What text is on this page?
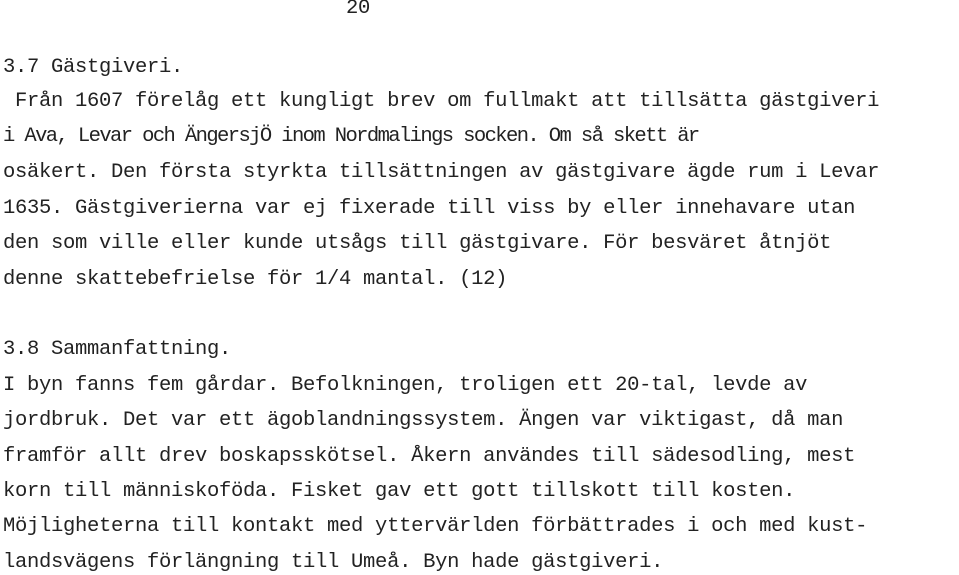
20
3.7 Gästgiveri.
Från 1607 förelåg ett kungligt brev om fullmakt att tillsätta gästgiveri
i Ava, Levar och ÄngersjÖ inom Nordmalings socken. Om så skett är
osäkert. Den första styrkta tillsättningen av gästgivare ägde rum i Levar
1635. Gästgiverierna var ej fixerade till viss by eller innehavare utan
den som ville eller kunde utsågs till gästgivare. För besväret åtnjöt
denne skattebefrielse för 1/4 mantal. (12)
3.8 Sammanfattning.
I byn fanns fem gårdar. Befolkningen, troligen ett 20-tal, levde av
jordbruk. Det var ett ägoblandningssystem. Ängen var viktigast, då man
framför allt drev boskapsskötsel. Åkern användes till sädesodling, mest
korn till människoföda. Fisket gav ett gott tillskott till kosten.
Möjligheterna till kontakt med yttervärlden förbättrades i och med kust-
landsvägens förlängning till Umeå. Byn hade gästgiveri.
